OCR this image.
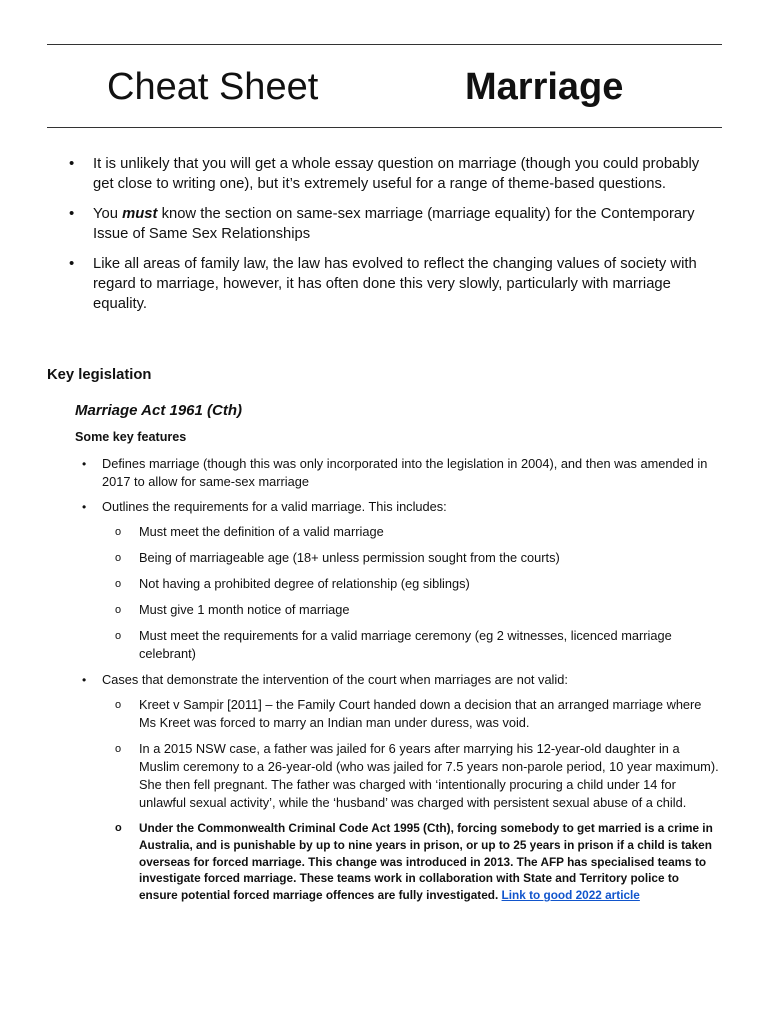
Cheat Sheet	Marriage
• It is unlikely that you will get a whole essay question on marriage (though you could probably get close to writing one), but it’s extremely useful for a range of theme-based questions.
• You must know the section on same-sex marriage (marriage equality) for the Contemporary Issue of Same Sex Relationships
• Like all areas of family law, the law has evolved to reflect the changing values of society with regard to marriage, however, it has often done this very slowly, particularly with marriage equality.
Key legislation
Marriage Act 1961 (Cth)
Some key features
• Defines marriage (though this was only incorporated into the legislation in 2004), and then was amended in 2017 to allow for same-sex marriage
• Outlines the requirements for a valid marriage. This includes:
o Must meet the definition of a valid marriage
o Being of marriageable age (18+ unless permission sought from the courts)
o Not having a prohibited degree of relationship (eg siblings)
o Must give 1 month notice of marriage
o Must meet the requirements for a valid marriage ceremony (eg 2 witnesses, licenced marriage celebrant)
• Cases that demonstrate the intervention of the court when marriages are not valid:
o Kreet v Sampir [2011] – the Family Court handed down a decision that an arranged marriage where Ms Kreet was forced to marry an Indian man under duress, was void.
o In a 2015 NSW case, a father was jailed for 6 years after marrying his 12-year-old daughter in a Muslim ceremony to a 26-year-old (who was jailed for 7.5 years non-parole period, 10 year maximum). She then fell pregnant. The father was charged with ‘intentionally procuring a child under 14 for unlawful sexual activity’, while the ‘husband’ was charged with persistent sexual abuse of a child.
o Under the Commonwealth Criminal Code Act 1995 (Cth), forcing somebody to get married is a crime in Australia, and is punishable by up to nine years in prison, or up to 25 years in prison if a child is taken overseas for forced marriage. This change was introduced in 2013. The AFP has specialised teams to investigate forced marriage. These teams work in collaboration with State and Territory police to ensure potential forced marriage offences are fully investigated. Link to good 2022 article
